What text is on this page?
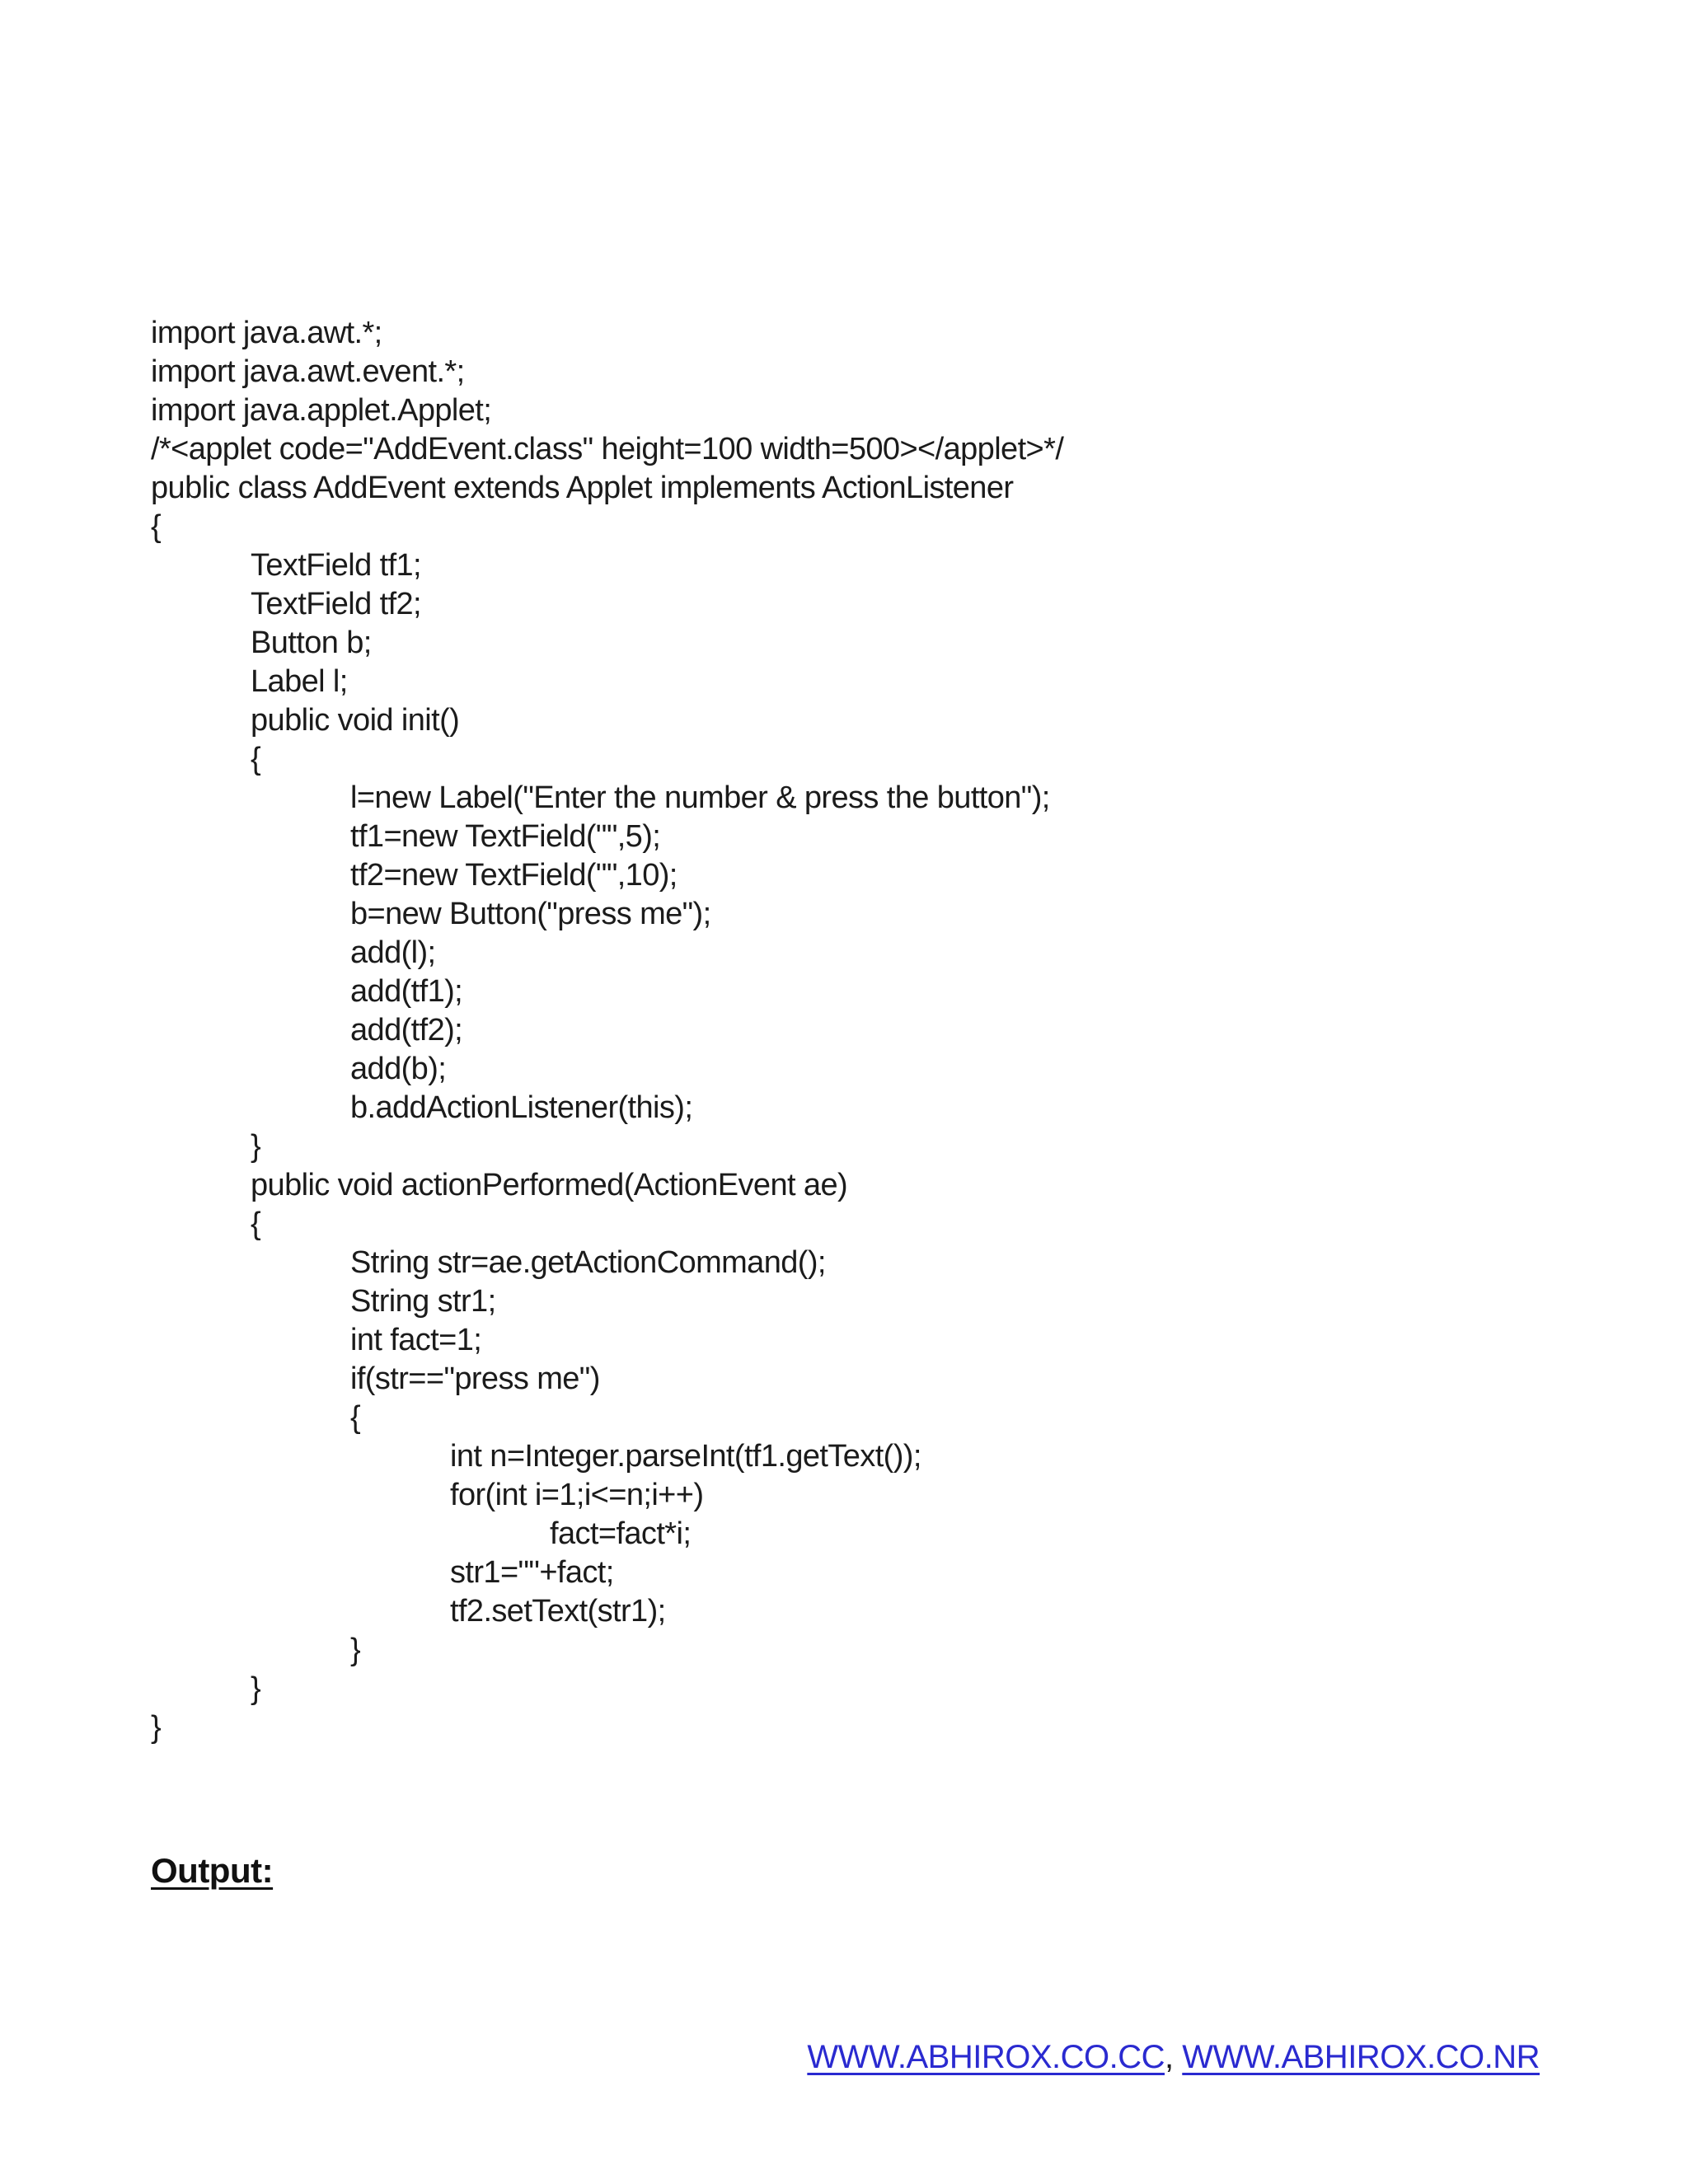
import java.awt.*;
import java.awt.event.*;
import java.applet.Applet;
/*<applet code="AddEvent.class" height=100 width=500></applet>*/
public class AddEvent extends Applet implements ActionListener
{
TextField tf1;
TextField tf2;
Button b;
Label l;
public void init()
{
l=new Label("Enter the number & press the button");
tf1=new TextField("",5);
tf2=new TextField("",10);
b=new Button("press me");
add(l);
add(tf1);
add(tf2);
add(b);
b.addActionListener(this);
}
public void actionPerformed(ActionEvent ae)
{
String str=ae.getActionCommand();
String str1;
int fact=1;
if(str=="press me")
{
int n=Integer.parseInt(tf1.getText());
for(int i=1;i<=n;i++)
fact=fact*i;
str1=""+fact;
tf2.setText(str1);
}
}
}
Output:
WWW.ABHIROX.CO.CC, WWW.ABHIROX.CO.NR
